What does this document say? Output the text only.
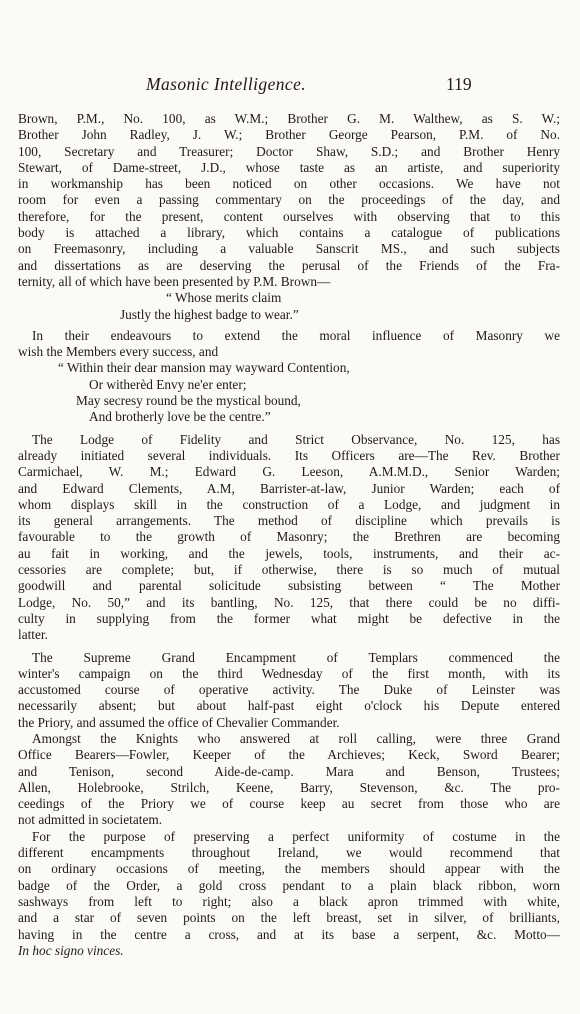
Masonic Intelligence.	119
Brown, P.M., No. 100, as W.M.; Brother G. M. Walthew, as S. W.;
Brother John Radley, J. W.; Brother George Pearson, P.M. of No.
100, Secretary and Treasurer; Doctor Shaw, S.D.; and Brother Henry
Stewart, of Dame-street, J.D., whose taste as an artiste, and superiority
in workmanship has been noticed on other occasions. We have not
room for even a passing commentary on the proceedings of the day, and
therefore, for the present, content ourselves with observing that to this
body is attached a library, which contains a catalogue of publications
on Freemasonry, including a valuable Sanscrit MS., and such subjects
and dissertations as are deserving the perusal of the Friends of the Fra-
ternity, all of which have been presented by P.M. Brown—
“ Whose merits claim
Justly the highest badge to wear.”
In their endeavours to extend the moral influence of Masonry we
wish the Members every success, and
“ Within their dear mansion may wayward Contention,
Or witherèd Envy ne'er enter;
May secresy round be the mystical bound,
And brotherly love be the centre.”
The Lodge of Fidelity and Strict Observance, No. 125, has
already initiated several individuals. Its Officers are—The Rev. Brother
Carmichael, W. M.; Edward G. Leeson, A.M.M.D., Senior Warden;
and Edward Clements, A.M, Barrister-at-law, Junior Warden; each of
whom displays skill in the construction of a Lodge, and judgment in
its general arrangements. The method of discipline which prevails is
favourable to the growth of Masonry; the Brethren are becoming
au fait in working, and the jewels, tools, instruments, and their ac-
cessories are complete; but, if otherwise, there is so much of mutual
goodwill and parental solicitude subsisting between “ The Mother
Lodge, No. 50,” and its bantling, No. 125, that there could be no diffi-
culty in supplying from the former what might be defective in the
latter.
The Supreme Grand Encampment of Templars commenced the
winter's campaign on the third Wednesday of the first month, with its
accustomed course of operative activity. The Duke of Leinster was
necessarily absent; but about half-past eight o'clock his Depute entered
the Priory, and assumed the office of Chevalier Commander.
Amongst the Knights who answered at roll calling, were three Grand
Office Bearers—Fowler, Keeper of the Archieves; Keck, Sword Bearer;
and Tenison, second Aide-de-camp. Mara and Benson, Trustees;
Allen, Holebrooke, Strilch, Keene, Barry, Stevenson, &c. The pro-
ceedings of the Priory we of course keep au secret from those who are
not admitted in societatem.
For the purpose of preserving a perfect uniformity of costume in the
different encampments throughout Ireland, we would recommend that
on ordinary occasions of meeting, the members should appear with the
badge of the Order, a gold cross pendant to a plain black ribbon, worn
sashways from left to right; also a black apron trimmed with white,
and a star of seven points on the left breast, set in silver, of brilliants,
having in the centre a cross, and at its base a serpent, &c. Motto—
In hoc signo vinces.
